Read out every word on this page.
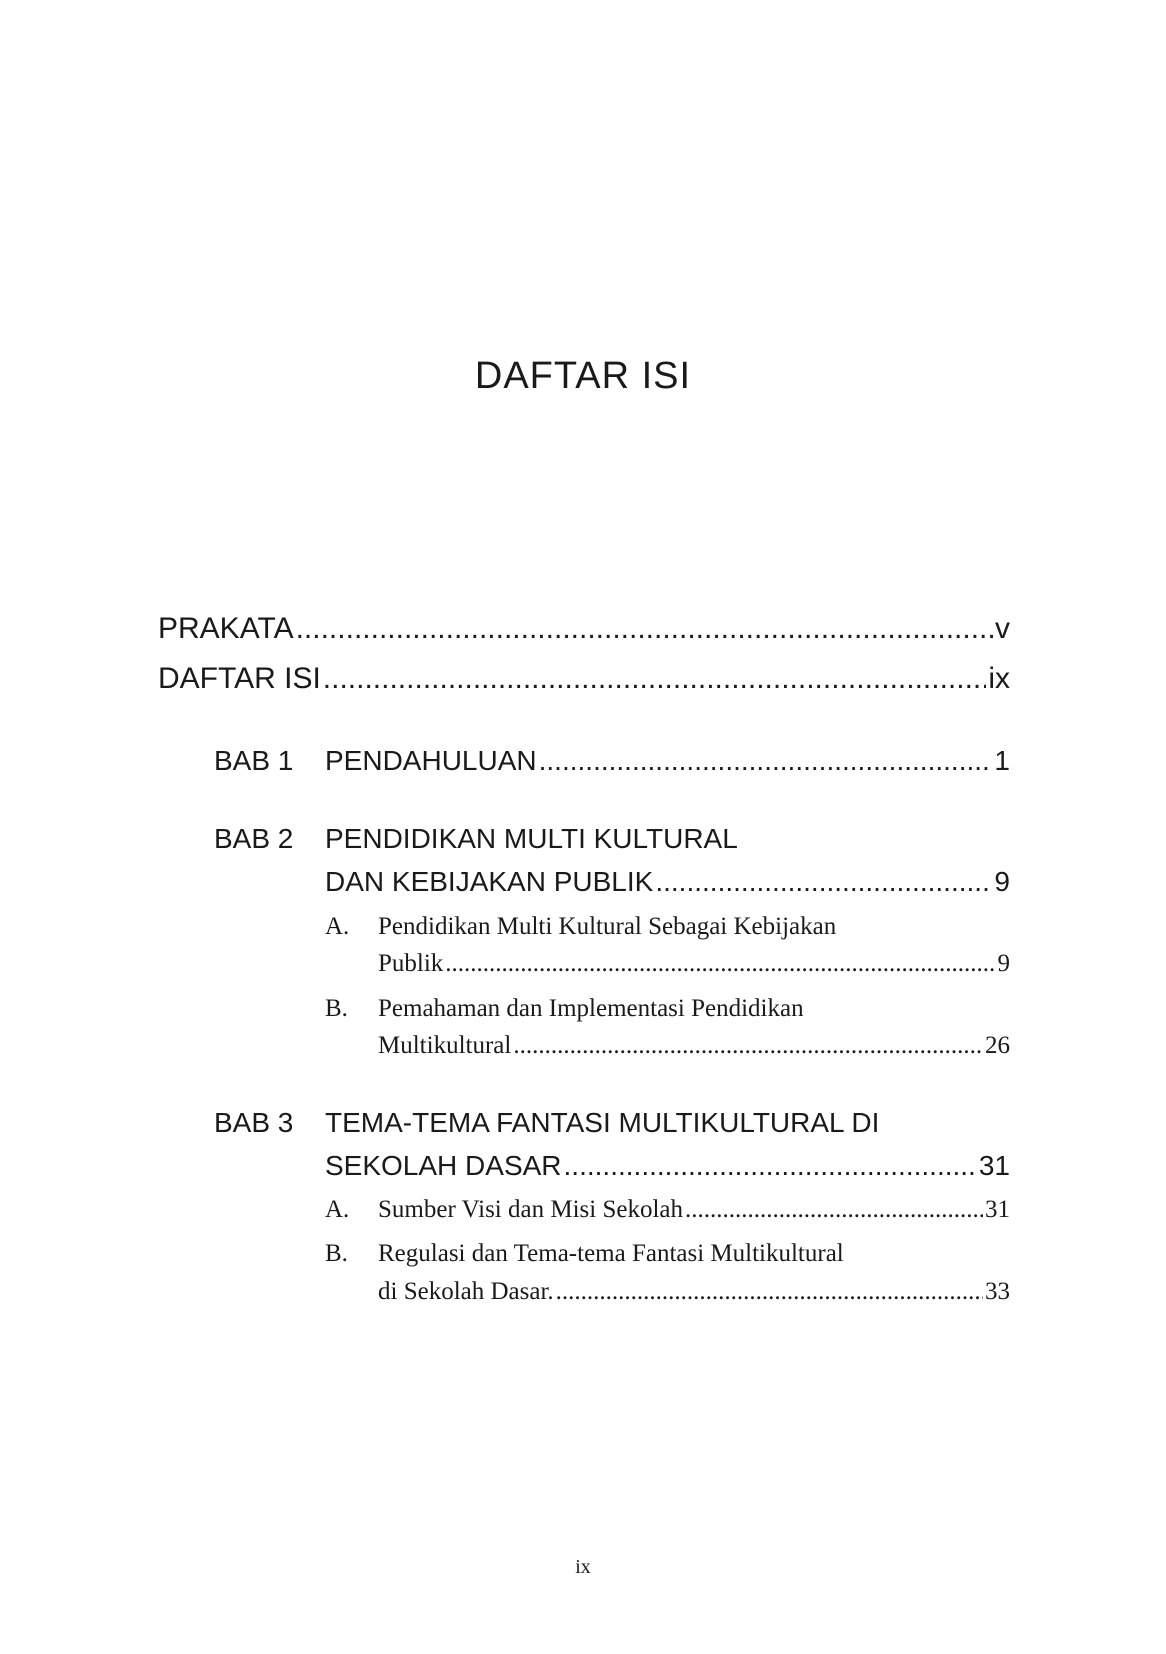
DAFTAR ISI
PRAKATA .....	v
DAFTAR ISI .....	ix
BAB 1 PENDAHULUAN .....	1
BAB 2 PENDIDIKAN MULTI KULTURAL
DAN KEBIJAKAN PUBLIK .....	9
A. Pendidikan Multi Kultural Sebagai Kebijakan
Publik .....	9
B. Pemahaman dan Implementasi Pendidikan
Multikultural .....	26
BAB 3 TEMA-TEMA FANTASI MULTIKULTURAL DI
SEKOLAH DASAR .....	31
A. Sumber Visi dan Misi Sekolah .....	31
B. Regulasi dan Tema-tema Fantasi Multikultural
di Sekolah Dasar. .....	33
ix
